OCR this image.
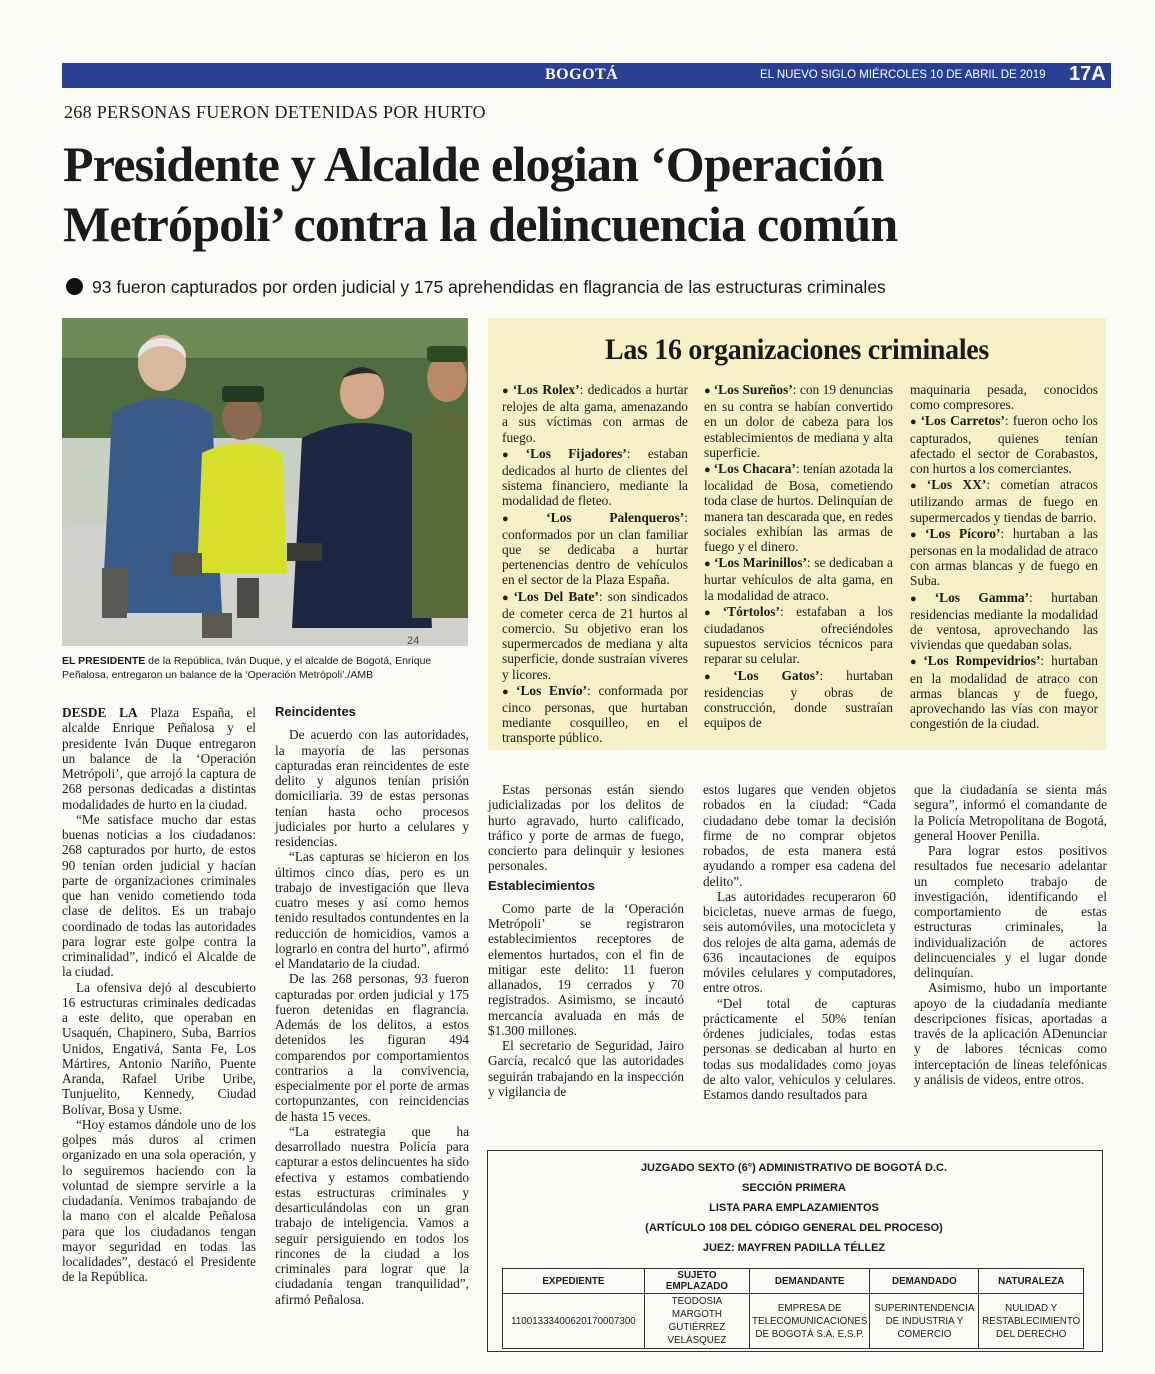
BOGOTÁ	EL NUEVO SIGLO MIÉRCOLES 10 DE ABRIL DE 2019 17A
268 PERSONAS FUERON DETENIDAS POR HURTO
Presidente y Alcalde elogian ‘Operación Metrópoli’ contra la delincuencia común
93 fueron capturados por orden judicial y 175 aprehendidas en flagrancia de las estructuras criminales
24
EL PRESIDENTE de la República, Iván Duque, y el alcalde de Bogotá, Enrique Peñalosa, entregaron un balance de la ‘Operación Metrópoli’./AMB
Las 16 organizaciones criminales

● ‘Los Rolex’: dedicados a hurtar relojes de alta gama, amenazando a sus víctimas con armas de fuego.

● ‘Los Fijadores’: estaban dedicados al hurto de clientes del sistema financiero, mediante la modalidad de fleteo.

● ‘Los Palenqueros’: conformados por un clan familiar que se dedicaba a hurtar pertenencias dentro de vehículos en el sector de la Plaza España.

● ‘Los Del Bate’: son sindicados de cometer cerca de 21 hurtos al comercio. Su objetivo eran los supermercados de mediana y alta superficie, donde sustraían víveres y licores.

● ‘Los Envío’: conformada por cinco personas, que hurtaban mediante cosquilleo, en el transporte público.

● ‘Los Sureños’: con 19 denuncias en su contra se habían convertido en un dolor de cabeza para los establecimientos de mediana y alta superficie.

● ‘Los Chacara’: tenían azotada la localidad de Bosa, cometiendo toda clase de hurtos. Delinquían de manera tan descarada que, en redes sociales exhibían las armas de fuego y el dinero.

● ‘Los Marinillos’: se dedicaban a hurtar vehículos de alta gama, en la modalidad de atraco.

● ‘Tórtolos’: estafaban a los ciudadanos ofreciéndoles supuestos servicios técnicos para reparar su celular.

● ‘Los Gatos’: hurtaban residencias y obras de construcción, donde sustraían equipos de

maquinaria pesada, conocidos como compresores.

● ‘Los Carretos’: fueron ocho los capturados, quienes tenían afectado el sector de Corabastos, con hurtos a los comerciantes.

● ‘Los XX’: cometían atracos utilizando armas de fuego en supermercados y tiendas de barrio.

● ‘Los Pícoro’: hurtaban a las personas en la modalidad de atraco con armas blancas y de fuego en Suba.

● ‘Los Gamma’: hurtaban residencias mediante la modalidad de ventosa, aprovechando las viviendas que quedaban solas.

● ‘Los Rompevidrios’: hurtaban en la modalidad de atraco con armas blancas y de fuego, aprovechando las vías con mayor congestión de la ciudad.

DESDE LA Plaza España, el alcalde Enrique Peñalosa y el presidente Iván Duque entregaron un balance de la ‘Operación Metrópoli’, que arrojó la captura de 268 personas dedicadas a distintas modalidades de hurto en la ciudad.

“Me satisface mucho dar estas buenas noticias a los ciudadanos: 268 capturados por hurto, de estos 90 tenían orden judicial y hacían parte de organizaciones criminales que han venido cometiendo toda clase de delitos. Es un trabajo coordinado de todas las autoridades para lograr este golpe contra la criminalidad”, indicó el Alcalde de la ciudad.

La ofensiva dejó al descubierto 16 estructuras criminales dedicadas a este delito, que operaban en Usaquén, Chapinero, Suba, Barrios Unidos, Engativá, Santa Fe, Los Mártires, Antonio Nariño, Puente Aranda, Rafael Uribe Uribe, Tunjuelito, Kennedy, Ciudad Bolívar, Bosa y Usme.

“Hoy estamos dándole uno de los golpes más duros al crimen organizado en una sola operación, y lo seguiremos haciendo con la voluntad de siempre servirle a la ciudadanía. Venimos trabajando de la mano con el alcalde Peñalosa para que los ciudadanos tengan mayor seguridad en todas las localidades”, destacó el Presidente de la República.

Reincidentes

De acuerdo con las autoridades, la mayoría de las personas capturadas eran reincidentes de este delito y algunos tenían prisión domiciliaria. 39 de estas personas tenían hasta ocho procesos judiciales por hurto a celulares y residencias.

“Las capturas se hicieron en los últimos cinco días, pero es un trabajo de investigación que lleva cuatro meses y así como hemos tenido resultados contundentes en la reducción de homicidios, vamos a lograrlo en contra del hurto”, afirmó el Mandatario de la ciudad.

De las 268 personas, 93 fueron capturadas por orden judicial y 175 fueron detenidas en flagrancia. Además de los delitos, a estos detenidos les figuran 494 comparendos por comportamientos contrarios a la convivencia, especialmente por el porte de armas cortopunzantes, con reincidencias de hasta 15 veces.

“La estrategia que ha desarrollado nuestra Policía para capturar a estos delincuentes ha sido efectiva y estamos combatiendo estas estructuras criminales y desarticulándolas con un gran trabajo de inteligencia. Vamos a seguir persiguiendo en todos los rincones de la ciudad a los criminales para lograr que la ciudadanía tengan tranquilidad”, afirmó Peñalosa.

Estas personas están siendo judicializadas por los delitos de hurto agravado, hurto calificado, tráfico y porte de armas de fuego, concierto para delinquir y lesiones personales.

Establecimientos

Como parte de la ‘Operación Metrópoli’ se registraron establecimientos receptores de elementos hurtados, con el fin de mitigar este delito: 11 fueron allanados, 19 cerrados y 70 registrados. Asimismo, se incautó mercancía avaluada en más de $1.300 millones.

El secretario de Seguridad, Jairo García, recalcó que las autoridades seguirán trabajando en la inspección y vigilancia de

estos lugares que venden objetos robados en la ciudad: “Cada ciudadano debe tomar la decisión firme de no comprar objetos robados, de esta manera está ayudando a romper esa cadena del delito”.

Las autoridades recuperaron 60 bicicletas, nueve armas de fuego, seis automóviles, una motocicleta y dos relojes de alta gama, además de 636 incautaciones de equipos móviles celulares y computadores, entre otros.

“Del total de capturas prácticamente el 50% tenían órdenes judiciales, todas estas personas se dedicaban al hurto en todas sus modalidades como joyas de alto valor, vehículos y celulares. Estamos dando resultados para

que la ciudadanía se sienta más segura”, informó el comandante de la Policía Metropolitana de Bogotá, general Hoover Penilla.

Para lograr estos positivos resultados fue necesario adelantar un completo trabajo de investigación, identificando el comportamiento de estas estructuras criminales, la individualización de actores delincuenciales y el lugar donde delinquían.

Asimismo, hubo un importante apoyo de la ciudadanía mediante descripciones físicas, aportadas a través de la aplicación ADenunciar y de labores técnicas como interceptación de líneas telefónicas y análisis de videos, entre otros.

JUZGADO SEXTO (6°) ADMINISTRATIVO DE BOGOTÁ D.C.
SECCIÓN PRIMERA
LISTA PARA EMPLAZAMIENTOS
(ARTÍCULO 108 DEL CÓDIGO GENERAL DEL PROCESO)
JUEZ: MAYFREN PADILLA TÉLLEZ
EXPEDIENTE	SUJETO EMPLAZADO	DEMANDANTE	DEMANDADO	NATURALEZA
11001333400620170007300	TEODOSIA MARGOTH GUTIÉRREZ VELÁSQUEZ	EMPRESA DE TELECOMUNICACIONES DE BOGOTÁ S.A. E.S.P.	SUPERINTENDENCIA DE INDUSTRIA Y COMERCIO	NULIDAD Y RESTABLECIMIENTO DEL DERECHO
